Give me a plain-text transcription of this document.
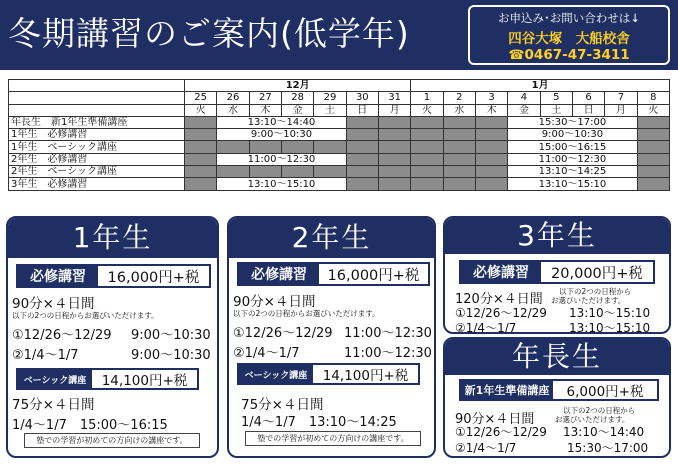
冬期講習のご案内(低学年)	お申込み･お問い合わせは↓
四谷大塚　大船校舎
☎0467-47-3411
	12月							1月							
	25	26	27	28	29	30	31	1	2	3	4	5	6	7	8
	火	水	木	金	土	日	月	火	水	木	金	土	日	月	火
年長生　新1年生準備講座		13:10～14:40									15:30～17:00				
1年生　必修講習		9:00～10:30									9:00～10:30				
1年生　ベーシック講座											15:00～16:15				
2年生　必修講習		11:00～12:30									11:00～12:30				
2年生　ベーシック講座											13:10～14:25				
3年生　必修講習		13:10～15:10									13:10～15:10				
1年生
必修講習	16,000円+税
90分×４日間
以下の2つの日程からお選びいただけます。
①12/26～12/29 9:00～10:30
②1/4～1/7	9:00～10:30
ベーシック講座	14,100円+税
75分×４日間
1/4～1/7　15:00～16:15
塾での学習が初めての方向けの講座です。
2年生
必修講習	16,000円+税
90分×４日間
以下の2つの日程からお選びいただけます。
①12/26～12/29 11:00～12:30
②1/4～1/7	11:00～12:30
ベーシック講座	14,100円+税
75分×４日間
1/4～1/7　13:10～14:25
塾での学習が初めての方向けの講座です。
3年生
必修講習	20,000円+税
120分×４日間
以下の2つの日程から
お選びいただけます。
①12/26～12/29 13:10～15:10
②1/4～1/7	13:10～15:10
年長生
新1年生準備講座	6,000円+税
90分×４日間
以下の2つの日程から
お選びいただけます。
①12/26～12/29 13:10～14:40
②1/4～1/7	15:30～17:00
